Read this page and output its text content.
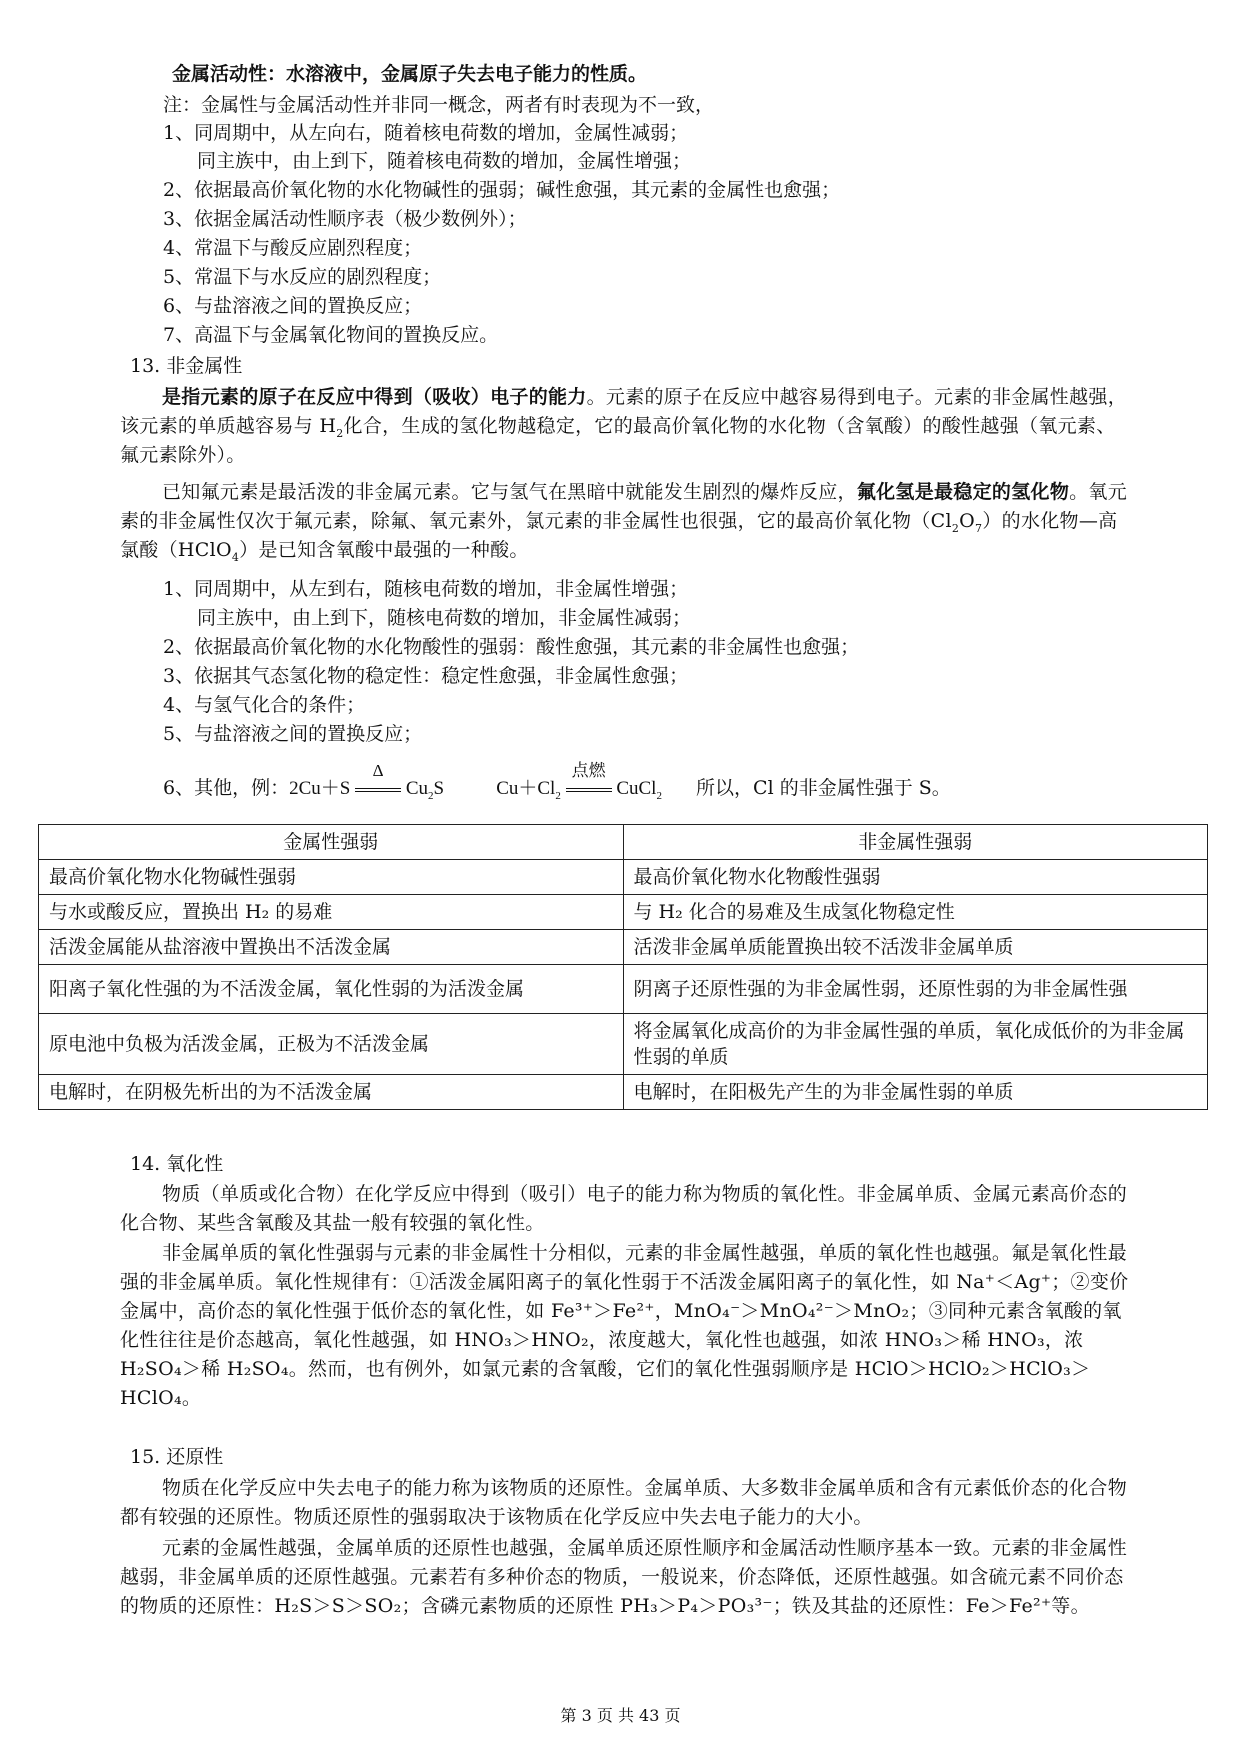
金属活动性：水溶液中，金属原子失去电子能力的性质。
注：金属性与金属活动性并非同一概念，两者有时表现为不一致，
1、同周期中，从左向右，随着核电荷数的增加，金属性减弱；
同主族中，由上到下，随着核电荷数的增加，金属性增强；
2、依据最高价氧化物的水化物碱性的强弱；碱性愈强，其元素的金属性也愈强；
3、依据金属活动性顺序表（极少数例外）；
4、常温下与酸反应剧烈程度；
5、常温下与水反应的剧烈程度；
6、与盐溶液之间的置换反应；
7、高温下与金属氧化物间的置换反应。
13. 非金属性
是指元素的原子在反应中得到（吸收）电子的能力。元素的原子在反应中越容易得到电子。元素的非金属性越强，该元素的单质越容易与 $H_2$化合，生成的氢化物越稳定，它的最高价氧化物的水化物（含氧酸）的酸性越强（氧元素、氟元素除外）。
已知氟元素是最活泼的非金属元素。它与氢气在黑暗中就能发生剧烈的爆炸反应，氟化氢是最稳定的氢化物。氧元素的非金属性仅次于氟元素，除氟、氧元素外，氯元素的非金属性也很强，它的最高价氧化物$(Cl_2O_7)$的水化物—高氯酸（HClO$_4$）是已知含氧酸中最强的一种酸。
1、同周期中，从左到右，随核电荷数的增加，非金属性增强；
同主族中，由上到下，随核电荷数的增加，非金属性减弱；
2、依据最高价氧化物的水化物酸性的强弱：酸性愈强，其元素的非金属性也愈强；
3、依据其气态氢化物的稳定性：稳定性愈强，非金属性愈强；
4、与氢气化合的条件；
5、与盐溶液之间的置换反应；
6、其他，例：2Cu＋S
Δ
$Cu_2S$	$Cu+Cl_2$
点燃
CuCl$_2$ 所以，Cl 的非金属性强于 S。
金属性强弱	非金属性强弱
最高价氧化物水化物碱性强弱	最高价氧化物水化物酸性强弱
与水或酸反应，置换出 H₂ 的易难	与 H₂ 化合的易难及生成氢化物稳定性
活泼金属能从盐溶液中置换出不活泼金属	活泼非金属单质能置换出较不活泼非金属单质
阳离子氧化性强的为不活泼金属，氧化性弱的为活泼金属	阴离子还原性强的为非金属性弱，还原性弱的为非金属性强
原电池中负极为活泼金属，正极为不活泼金属	将金属氧化成高价的为非金属性强的单质，氧化成低价的为非金属性弱的单质
电解时，在阴极先析出的为不活泼金属	电解时，在阳极先产生的为非金属性弱的单质
14. 氧化性
物质（单质或化合物）在化学反应中得到（吸引）电子的能力称为物质的氧化性。非金属单质、金属元素高价态的化合物、某些含氧酸及其盐一般有较强的氧化性。
非金属单质的氧化性强弱与元素的非金属性十分相似，元素的非金属性越强，单质的氧化性也越强。氟是氧化性最强的非金属单质。氧化性规律有：①活泼金属阳离子的氧化性弱于不活泼金属阳离子的氧化性，如 Na⁺＜Ag⁺；②变价金属中，高价态的氧化性强于低价态的氧化性，如 Fe³⁺＞Fe²⁺，MnO₄⁻＞MnO₄²⁻＞MnO₂；③同种元素含氧酸的氧化性往往是价态越高，氧化性越强，如 HNO₃＞HNO₂，浓度越大，氧化性也越强，如浓 HNO₃＞稀 HNO₃，浓 H₂SO₄＞稀 H₂SO₄。然而，也有例外，如氯元素的含氧酸，它们的氧化性强弱顺序是 HClO＞HClO₂＞HClO₃＞HClO₄。
15. 还原性
物质在化学反应中失去电子的能力称为该物质的还原性。金属单质、大多数非金属单质和含有元素低价态的化合物都有较强的还原性。物质还原性的强弱取决于该物质在化学反应中失去电子能力的大小。
元素的金属性越强，金属单质的还原性也越强，金属单质还原性顺序和金属活动性顺序基本一致。元素的非金属性越弱，非金属单质的还原性越强。元素若有多种价态的物质，一般说来，价态降低，还原性越强。如含硫元素不同价态的物质的还原性：H₂S＞S＞SO₂；含磷元素物质的还原性 PH₃＞P₄＞PO₃³⁻；铁及其盐的还原性：Fe＞Fe²⁺等。
第 3 页 共 43 页
